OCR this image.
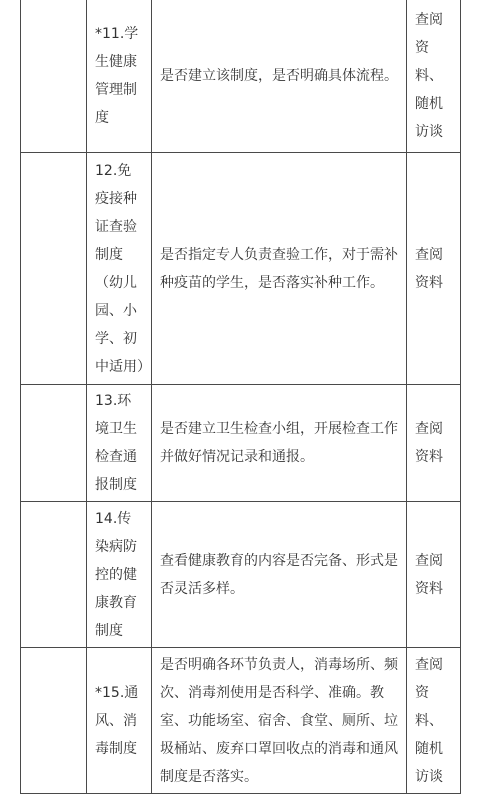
	*11.学生健康管理制度	是否建立该制度，是否明确具体流程。	查阅资料、随机访谈
	12.免疫接种证查验制度（幼儿园、小学、初中适用）	是否指定专人负责查验工作，对于需补种疫苗的学生，是否落实补种工作。	查阅资料
	13.环境卫生检查通报制度	是否建立卫生检查小组，开展检查工作并做好情况记录和通报。	查阅资料
	14.传染病防控的健康教育制度	查看健康教育的内容是否完备、形式是否灵活多样。	查阅资料
	*15.通风、消毒制度	是否明确各环节负责人，消毒场所、频次、消毒剂使用是否科学、准确。教室、功能场室、宿舍、食堂、厕所、垃圾桶站、废弃口罩回收点的消毒和通风制度是否落实。	查阅资料、随机访谈
